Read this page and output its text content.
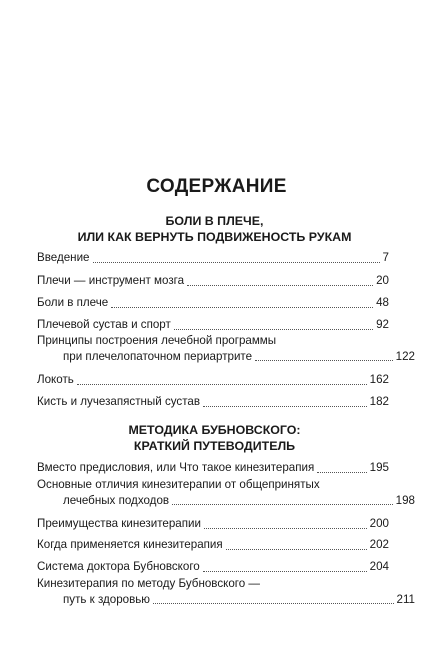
СОДЕРЖАНИЕ
БОЛИ В ПЛЕЧЕ,
ИЛИ КАК ВЕРНУТЬ ПОДВИЖЕНОСТЬ РУКАМ
Введение	7
Плечи — инструмент мозга	20
Боли в плече	48
Плечевой сустав и спорт	92
Принципы построения лечебной программы
при плечелопаточном периартрите	122
Локоть	162
Кисть и лучезапястный сустав	182
МЕТОДИКА БУБНОВСКОГО:
КРАТКИЙ ПУТЕВОДИТЕЛЬ
Вместо предисловия, или Что такое кинезитерапия	195
Основные отличия кинезитерапии от общепринятых
лечебных подходов	198
Преимущества кинезитерапии	200
Когда применяется кинезитерапия	202
Система доктора Бубновского	204
Кинезитерапия по методу Бубновского —
путь к здоровью	211
